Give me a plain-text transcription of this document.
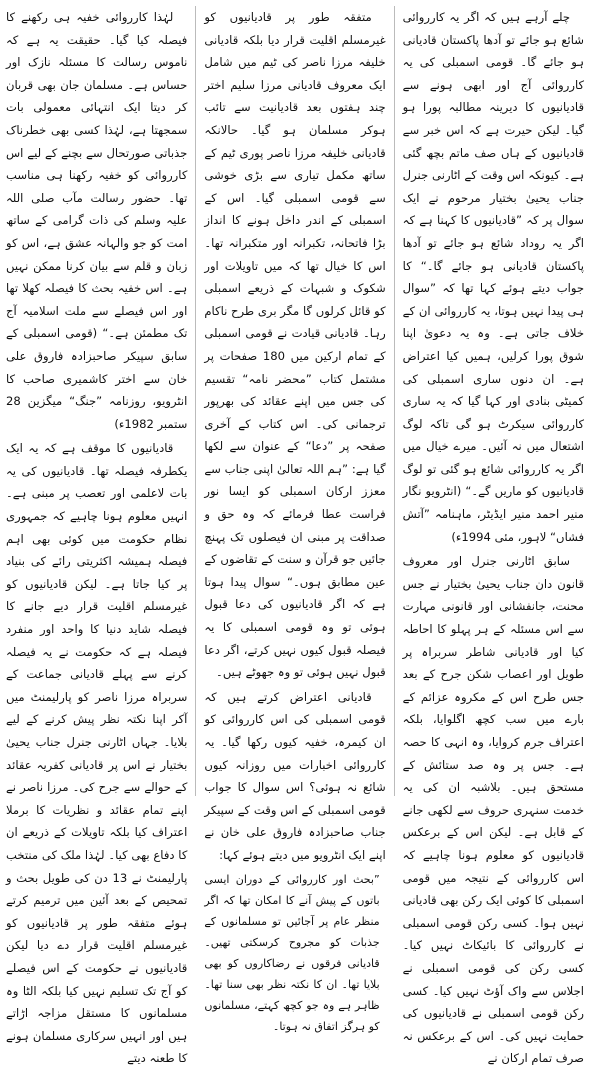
چلے آرہے ہیں کہ اگر یہ کارروائی شائع ہو جائے تو آدھا پاکستان قادیانی ہو جائے گا۔ قومی اسمبلی کی یہ کارروائی آج اور ابھی ہونے سے قادیانیوں کا دیرینہ مطالبہ پورا ہو گیا۔ لیکن حیرت ہے کہ اس خبر سے قادیانیوں کے ہاں صف ماتم بچھ گئی ہے۔ کیونکہ اس وقت کے اٹارنی جنرل جناب یحییٰ بختیار مرحوم نے ایک سوال پر کہ ”قادیانیوں کا کہنا ہے کہ اگر یہ روداد شائع ہو جائے تو آدھا پاکستان قادیانی ہو جائے گا۔“ کا جواب دیتے ہوئے کہا تھا کہ ”سوال ہی پیدا نہیں ہوتا، یہ کارروائی ان کے خلاف جاتی ہے۔ وہ یہ دعویٰ اپنا شوق پورا کرلیں، ہمیں کیا اعتراض ہے۔ ان دنوں ساری اسمبلی کی کمیٹی بنادی اور کہا گیا کہ یہ ساری کارروائی سیکرٹ ہو گی تاکہ لوگ اشتعال میں نہ آئیں۔ میرے خیال میں اگر یہ کارروائی شائع ہو گئی تو لوگ قادیانیوں کو ماریں گے۔“ (انٹرویو نگار منیر احمد منیر ایڈیٹر، ماہنامہ ”آتش فشاں“ لاہور، مئی 1994ء)

سابق اٹارنی جنرل اور معروف قانون دان جناب یحییٰ بختیار نے جس محنت، جانفشانی اور قانونی مہارت سے اس مسئلہ کے ہر پہلو کا احاطہ کیا اور قادیانی شاطر سربراہ پر طویل اور اعصاب شکن جرح کے بعد جس طرح اس کے مکروہ عزائم کے بارے میں سب کچھ اگلوایا، بلکہ اعتراف جرم کروایا، وہ انہی کا حصہ ہے۔ جس پر وہ صد ستائش کے مستحق ہیں۔ بلاشبہ ان کی یہ خدمت سنہری حروف سے لکھی جانے کے قابل ہے۔ لیکن اس کے برعکس قادیانیوں کو معلوم ہونا چاہیے کہ اس کارروائی کے نتیجہ میں قومی اسمبلی کا کوئی ایک رکن بھی قادیانی نہیں ہوا۔ کسی رکن قومی اسمبلی نے کارروائی کا بائیکاٹ نہیں کیا۔ کسی رکن کی قومی اسمبلی نے اجلاس سے واک آؤٹ نہیں کیا۔ کسی رکن قومی اسمبلی نے قادیانیوں کی حمایت نہیں کی۔ اس کے برعکس نہ صرف تمام ارکان نے

متفقہ طور پر قادیانیوں کو غیرمسلم اقلیت قرار دیا بلکہ قادیانی خلیفہ مرزا ناصر کی ٹیم میں شامل ایک معروف قادیانی مرزا سلیم اختر چند ہفتوں بعد قادیانیت سے تائب ہوکر مسلمان ہو گیا۔ حالانکہ قادیانی خلیفہ مرزا ناصر پوری ٹیم کے ساتھ مکمل تیاری سے بڑی خوشی سے قومی اسمبلی گیا۔ اس کے اسمبلی کے اندر داخل ہونے کا انداز بڑا فاتحانہ، تکبرانہ اور متکبرانہ تھا۔ اس کا خیال تھا کہ میں تاویلات اور شکوک و شبہات کے ذریعے اسمبلی کو قائل کرلوں گا مگر بری طرح ناکام رہا۔ قادیانی قیادت نے قومی اسمبلی کے تمام ارکین میں 180 صفحات پر مشتمل کتاب ”محضر نامہ“ تقسیم کی جس میں اپنے عقائد کی بھرپور ترجمانی کی۔ اس کتاب کے آخری صفحہ پر ”دعا“ کے عنوان سے لکھا گیا ہے: ”ہم اللہ تعالیٰ اپنی جناب سے معزز ارکان اسمبلی کو ایسا نور فراست عطا فرمائے کہ وہ حق و صداقت پر مبنی ان فیصلوں تک پہنچ جائیں جو قرآن و سنت کے تقاضوں کے عین مطابق ہوں۔“ سوال پیدا ہوتا ہے کہ اگر قادیانیوں کی دعا قبول ہوئی تو وہ قومی اسمبلی کا یہ فیصلہ قبول کیوں نہیں کرتے، اگر دعا قبول نہیں ہوئی تو وہ جھوٹے ہیں۔

قادیانی اعتراض کرتے ہیں کہ قومی اسمبلی کی اس کارروائی کو ان کیمرہ، خفیہ کیوں رکھا گیا۔ یہ کارروائی اخبارات میں روزانہ کیوں شائع نہ ہوئی؟ اس سوال کا جواب قومی اسمبلی کے اس وقت کے سپیکر جناب صاحبزادہ فاروق علی خان نے اپنے ایک انٹرویو میں دیتے ہوئے کہا:

”بحث اور کارروائی کے دوران ایسی باتوں کے پیش آنے کا امکان تھا کہ اگر منظر عام پر آجائیں تو مسلمانوں کے جذبات کو مجروح کرسکتی تھیں۔ قادیانی فرقوں نے رضاکاروں کو بھی بلایا تھا۔ ان کا نکتہ نظر بھی سنا تھا۔ ظاہر ہے وہ جو کچھ کہتے، مسلمانوں کو ہرگز اتفاق نہ ہوتا۔

لہٰذا کارروائی خفیہ ہی رکھنے کا فیصلہ کیا گیا۔ حقیقت یہ ہے کہ ناموس رسالت کا مسئلہ نازک اور حساس ہے۔ مسلمان جان بھی قربان کر دیتا ایک انتہائی معمولی بات سمجھتا ہے، لہٰذا کسی بھی خطرناک جذباتی صورتحال سے بچنے کے لیے اس کارروائی کو خفیہ رکھنا ہی مناسب تھا۔ حضور رسالت مآب صلی اللہ علیہ وسلم کی ذات گرامی کے ساتھ امت کو جو والہانہ عشق ہے، اس کو زبان و قلم سے بیان کرنا ممکن نہیں ہے۔ اس خفیہ بحث کا فیصلہ کھلا تھا اور اس فیصلے سے ملت اسلامیہ آج تک مطمئن ہے۔“ (قومی اسمبلی کے سابق سپیکر صاحبزادہ فاروق علی خان سے اختر کاشمیری صاحب کا انٹرویو، روزنامہ ”جنگ“ میگزین 28 ستمبر 1982ء)

قادیانیوں کا موقف ہے کہ یہ ایک یکطرفہ فیصلہ تھا۔ قادیانیوں کی یہ بات لاعلمی اور تعصب پر مبنی ہے۔ انہیں معلوم ہونا چاہیے کہ جمہوری نظام حکومت میں کوئی بھی اہم فیصلہ ہمیشہ اکثریتی رائے کی بنیاد پر کیا جاتا ہے۔ لیکن قادیانیوں کو غیرمسلم اقلیت قرار دیے جانے کا فیصلہ شاید دنیا کا واحد اور منفرد فیصلہ ہے کہ حکومت نے یہ فیصلہ کرنے سے پہلے قادیانی جماعت کے سربراہ مرزا ناصر کو پارلیمنٹ میں آکر اپنا نکتہ نظر پیش کرنے کے لیے بلایا۔ جہاں اٹارنی جنرل جناب یحییٰ بختیار نے اس پر قادیانی کفریہ عقائد کے حوالے سے جرح کی۔ مرزا ناصر نے اپنے تمام عقائد و نظریات کا برملا اعتراف کیا بلکہ تاویلات کے ذریعے ان کا دفاع بھی کیا۔ لہٰذا ملک کی منتخب پارلیمنٹ نے 13 دن کی طویل بحث و تمحیص کے بعد آئین میں ترمیم کرتے ہوئے متفقہ طور پر قادیانیوں کو غیرمسلم اقلیت قرار دے دیا لیکن قادیانیوں نے حکومت کے اس فیصلے کو آج تک تسلیم نہیں کیا بلکہ الٹا وہ مسلمانوں کا مستقل مزاجہ اڑاتے ہیں اور انہیں سرکاری مسلمان ہونے کا طعنہ دیتے
